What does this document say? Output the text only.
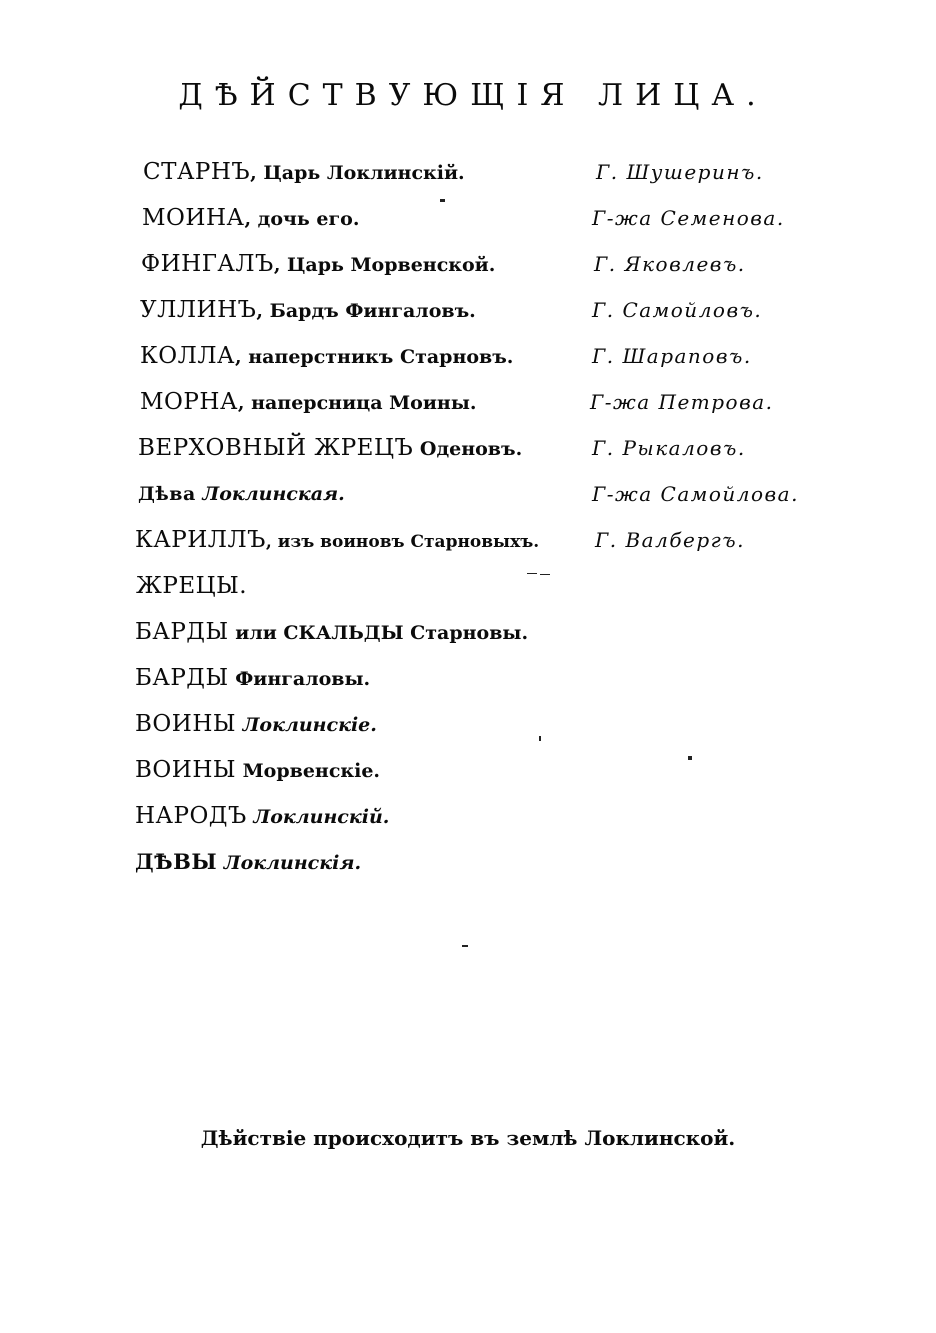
ДѢЙСТВУЮЩІЯ ЛИЦА.
СТАРНЪ, Царь Локлинскій.	Г. Шушеринъ.
МОИНА, дочь его.	Г-жа Семенова.
ФИНГАЛЪ, Царь Морвенской.	Г. Яковлевъ.
УЛЛИНЪ, Бардъ Фингаловъ.	Г. Самойловъ.
КОЛЛА, наперстникъ Старновъ.	Г. Шараповъ.
МОРНА, наперсница Моины.	Г-жа Петрова.
ВЕРХОВНЫЙ ЖРЕЦЪ Оденовъ.	Г. Рыкаловъ.
Дѣва Локлинская.	Г-жа Самойлова.
КАРИЛЛЪ, изъ воиновъ Старновыхъ.	Г. Валбергъ.
ЖРЕЦЫ.
БАРДЫ или СКАЛЬДЫ Старновы.
БАРДЫ Фингаловы.
ВОИНЫ Локлинскіе.
ВОИНЫ Морвенскіе.
НАРОДЪ Локлинскій.
ДѢВЫ Локлинскія.
Дѣйствіе происходитъ въ землѣ Локлинской.
